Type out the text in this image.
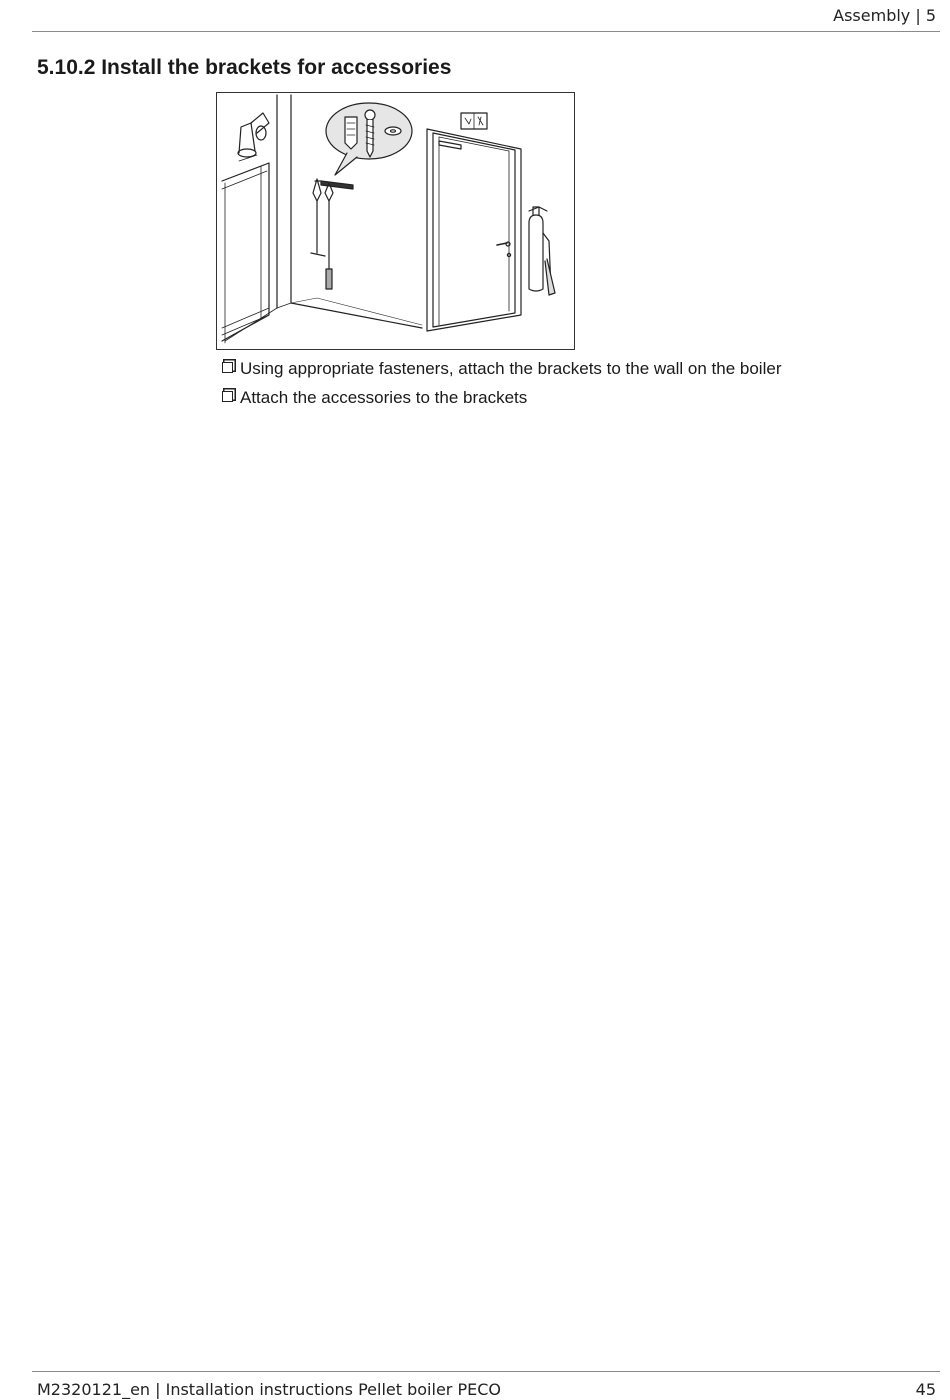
Assembly | 5
5.10.2 Install the brackets for accessories
Using appropriate fasteners, attach the brackets to the wall on the boiler
Attach the accessories to the brackets
M2320121_en | Installation instructions Pellet boiler PECO	45
